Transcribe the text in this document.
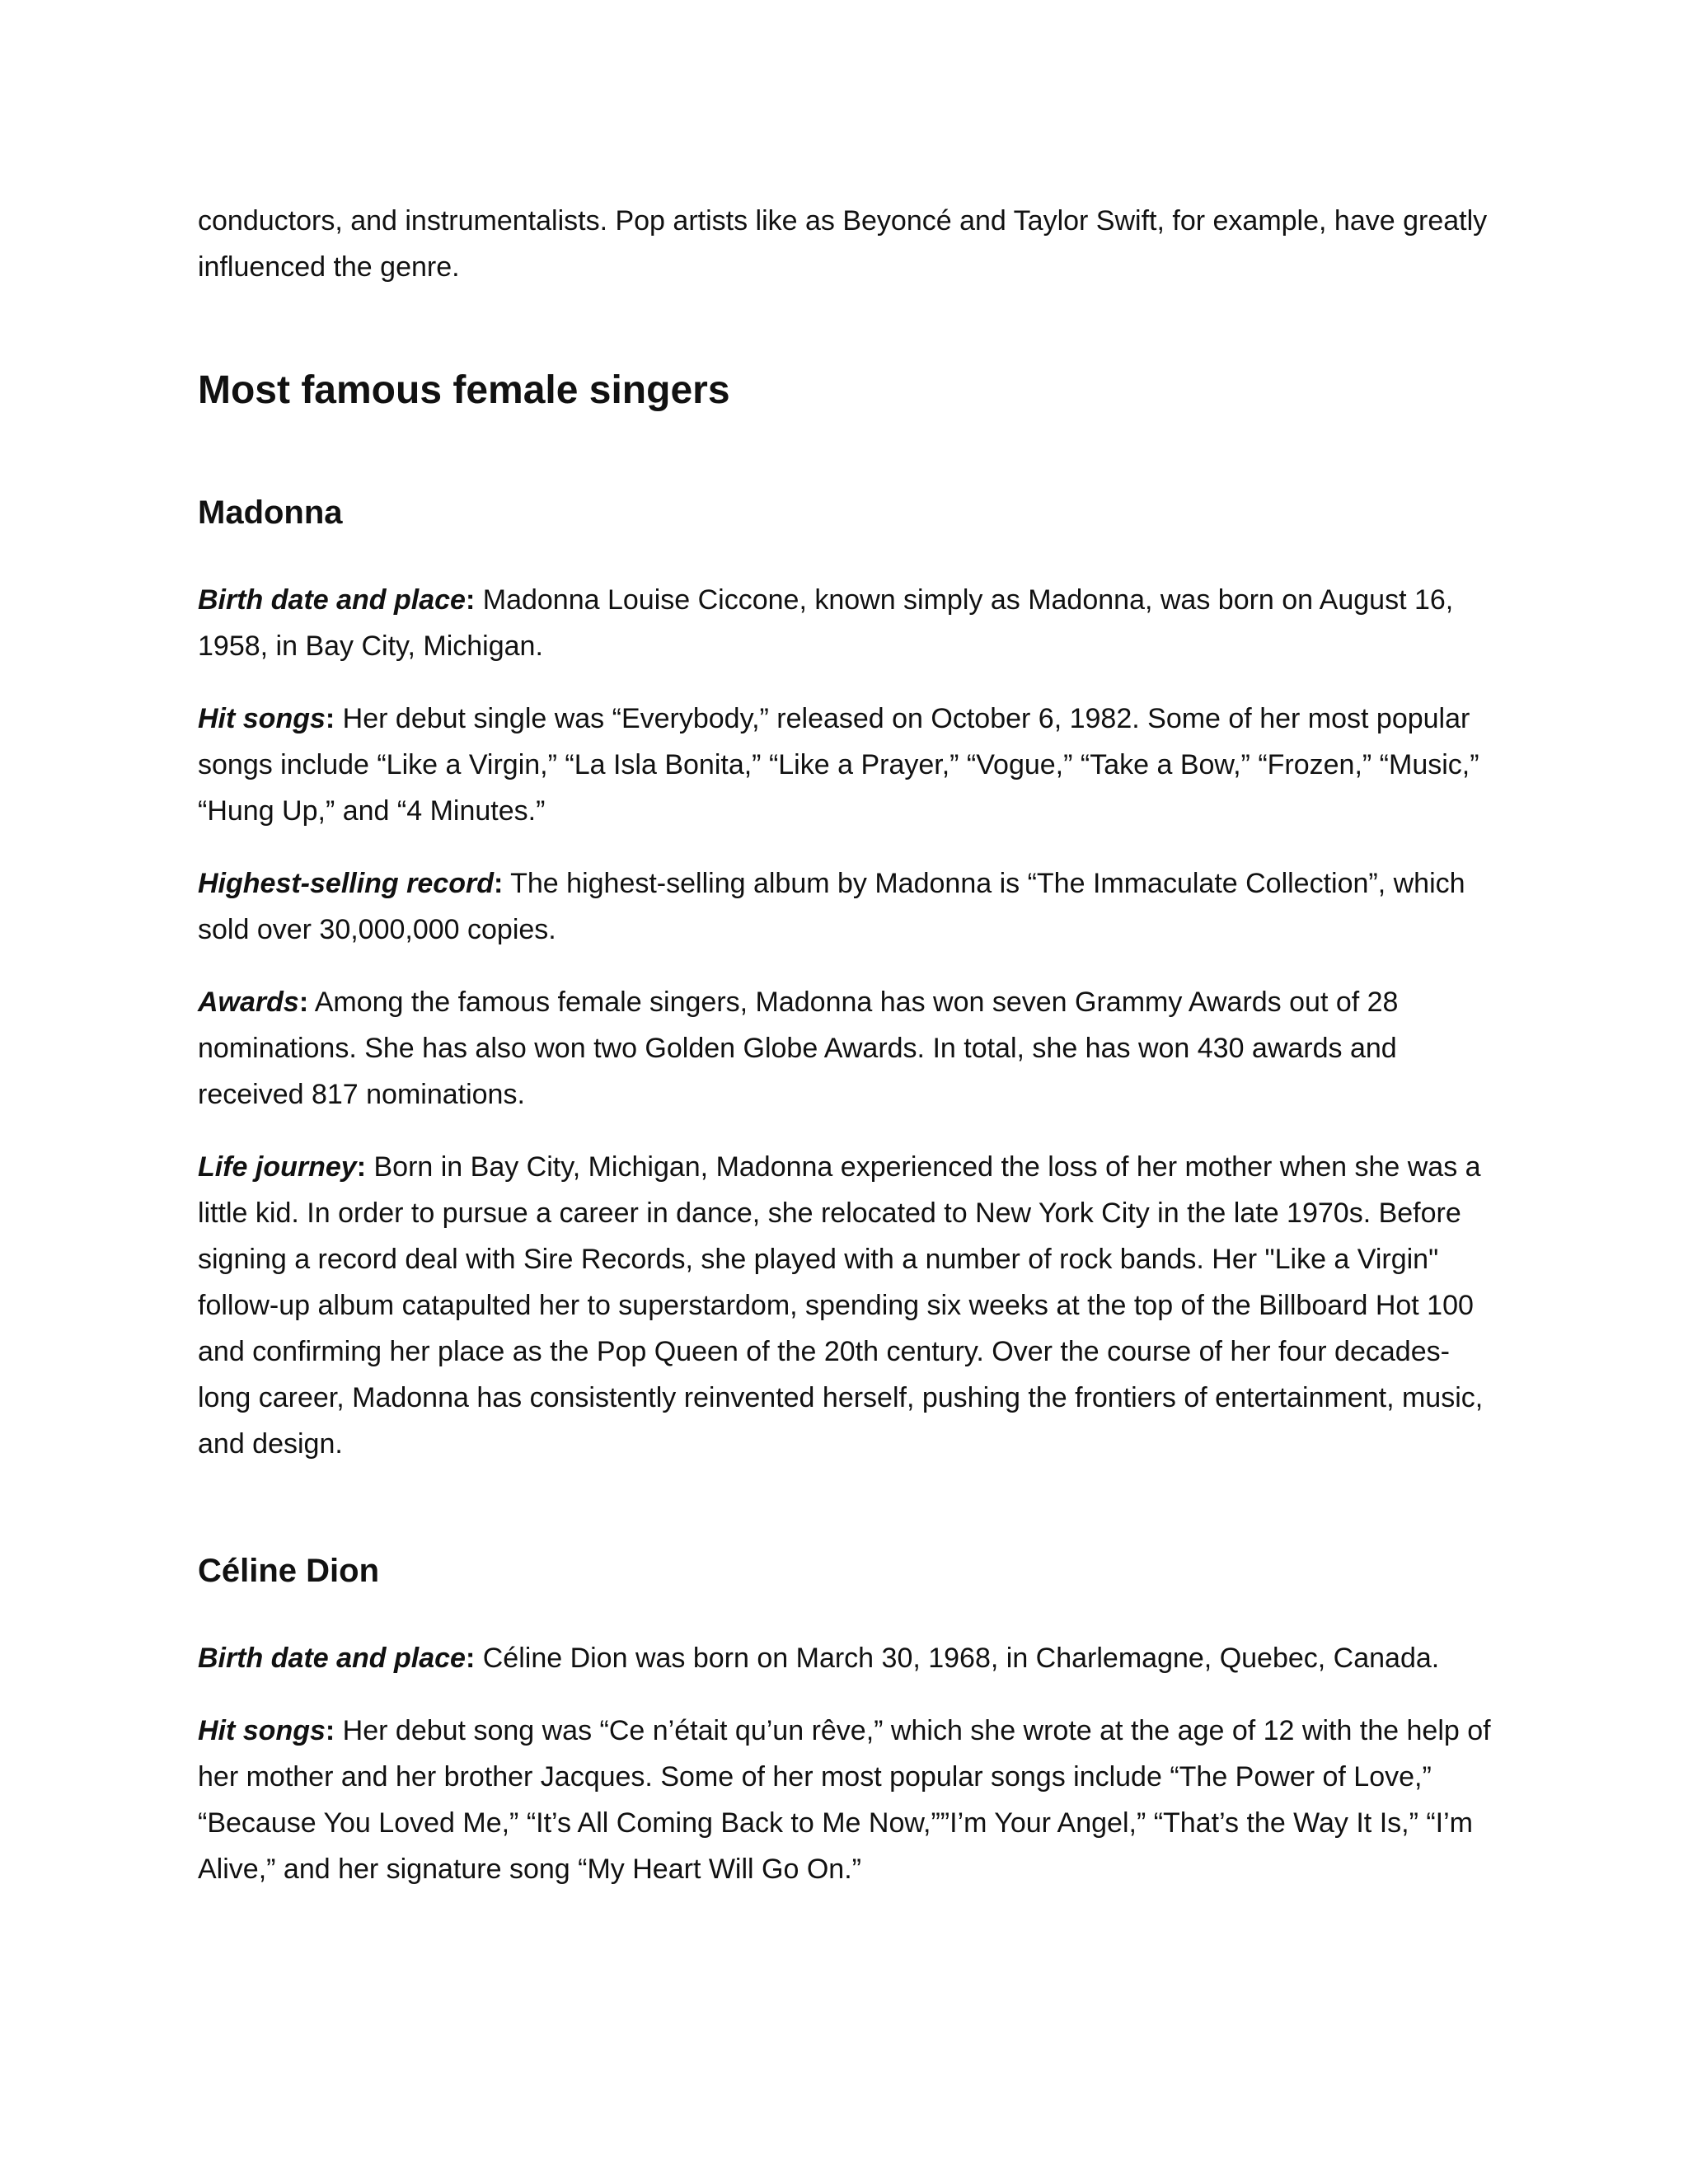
conductors, and instrumentalists. Pop artists like as Beyoncé and Taylor Swift, for example, have greatly influenced the genre.

Most famous female singers
Madonna

Birth date and place: Madonna Louise Ciccone, known simply as Madonna, was born on August 16, 1958, in Bay City, Michigan.

Hit songs: Her debut single was “Everybody,” released on October 6, 1982. Some of her most popular songs include “Like a Virgin,” “La Isla Bonita,” “Like a Prayer,” “Vogue,” “Take a Bow,” “Frozen,” “Music,” “Hung Up,” and “4 Minutes.”

Highest-selling record: The highest-selling album by Madonna is “The Immaculate Collection”, which sold over 30,000,000 copies.

Awards: Among the famous female singers, Madonna has won seven Grammy Awards out of 28 nominations. She has also won two Golden Globe Awards. In total, she has won 430 awards and received 817 nominations.

Life journey: Born in Bay City, Michigan, Madonna experienced the loss of her mother when she was a little kid. In order to pursue a career in dance, she relocated to New York City in the late 1970s. Before signing a record deal with Sire Records, she played with a number of rock bands. Her "Like a Virgin" follow-up album catapulted her to superstardom, spending six weeks at the top of the Billboard Hot 100 and confirming her place as the Pop Queen of the 20th century. Over the course of her four decades-long career, Madonna has consistently reinvented herself, pushing the frontiers of entertainment, music, and design.

Céline Dion

Birth date and place: Céline Dion was born on March 30, 1968, in Charlemagne, Quebec, Canada.

Hit songs: Her debut song was “Ce n’était qu’un rêve,” which she wrote at the age of 12 with the help of her mother and her brother Jacques. Some of her most popular songs include “The Power of Love,” “Because You Loved Me,” “It’s All Coming Back to Me Now,””I’m Your Angel,” “That’s the Way It Is,” “I’m Alive,” and her signature song “My Heart Will Go On.”
